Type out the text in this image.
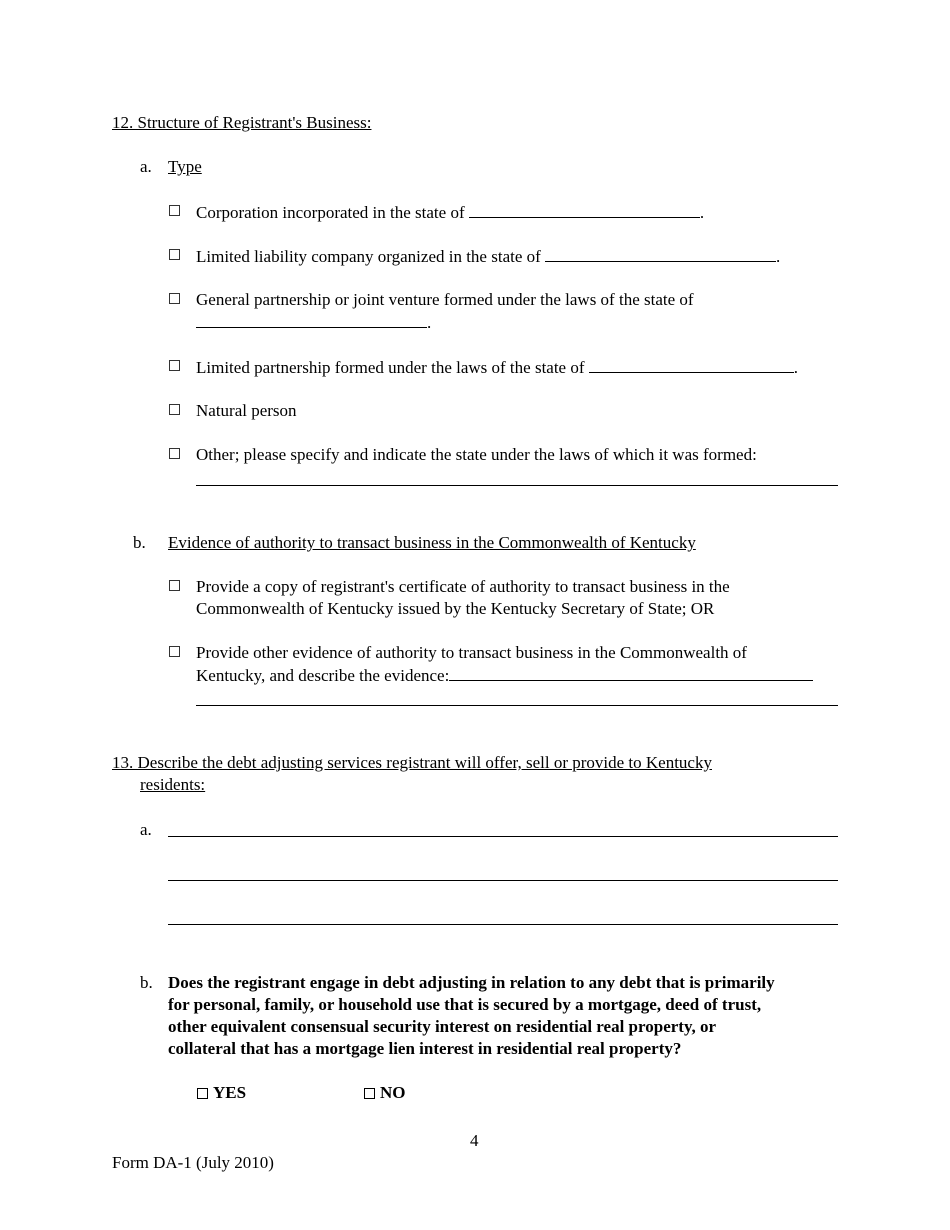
12. Structure of Registrant's Business:
a. Type
Corporation incorporated in the state of	.
Limited liability company organized in the state of	.
General partnership or joint venture formed under the laws of the state of
.
Limited partnership formed under the laws of the state of	.
Natural person
Other; please specify and indicate the state under the laws of which it was formed:
b. Evidence of authority to transact business in the Commonwealth of Kentucky
Provide a copy of registrant's certificate of authority to transact business in the
Commonwealth of Kentucky issued by the Kentucky Secretary of State; OR
Provide other evidence of authority to transact business in the Commonwealth of
Kentucky, and describe the evidence:
13. Describe the debt adjusting services registrant will offer, sell or provide to Kentucky
residents:
a.
b. Does the registrant engage in debt adjusting in relation to any debt that is primarily
for personal, family, or household use that is secured by a mortgage, deed of trust,
other equivalent consensual security interest on residential real property, or
collateral that has a mortgage lien interest in residential real property?
YES	NO
4
Form DA-1 (July 2010)
